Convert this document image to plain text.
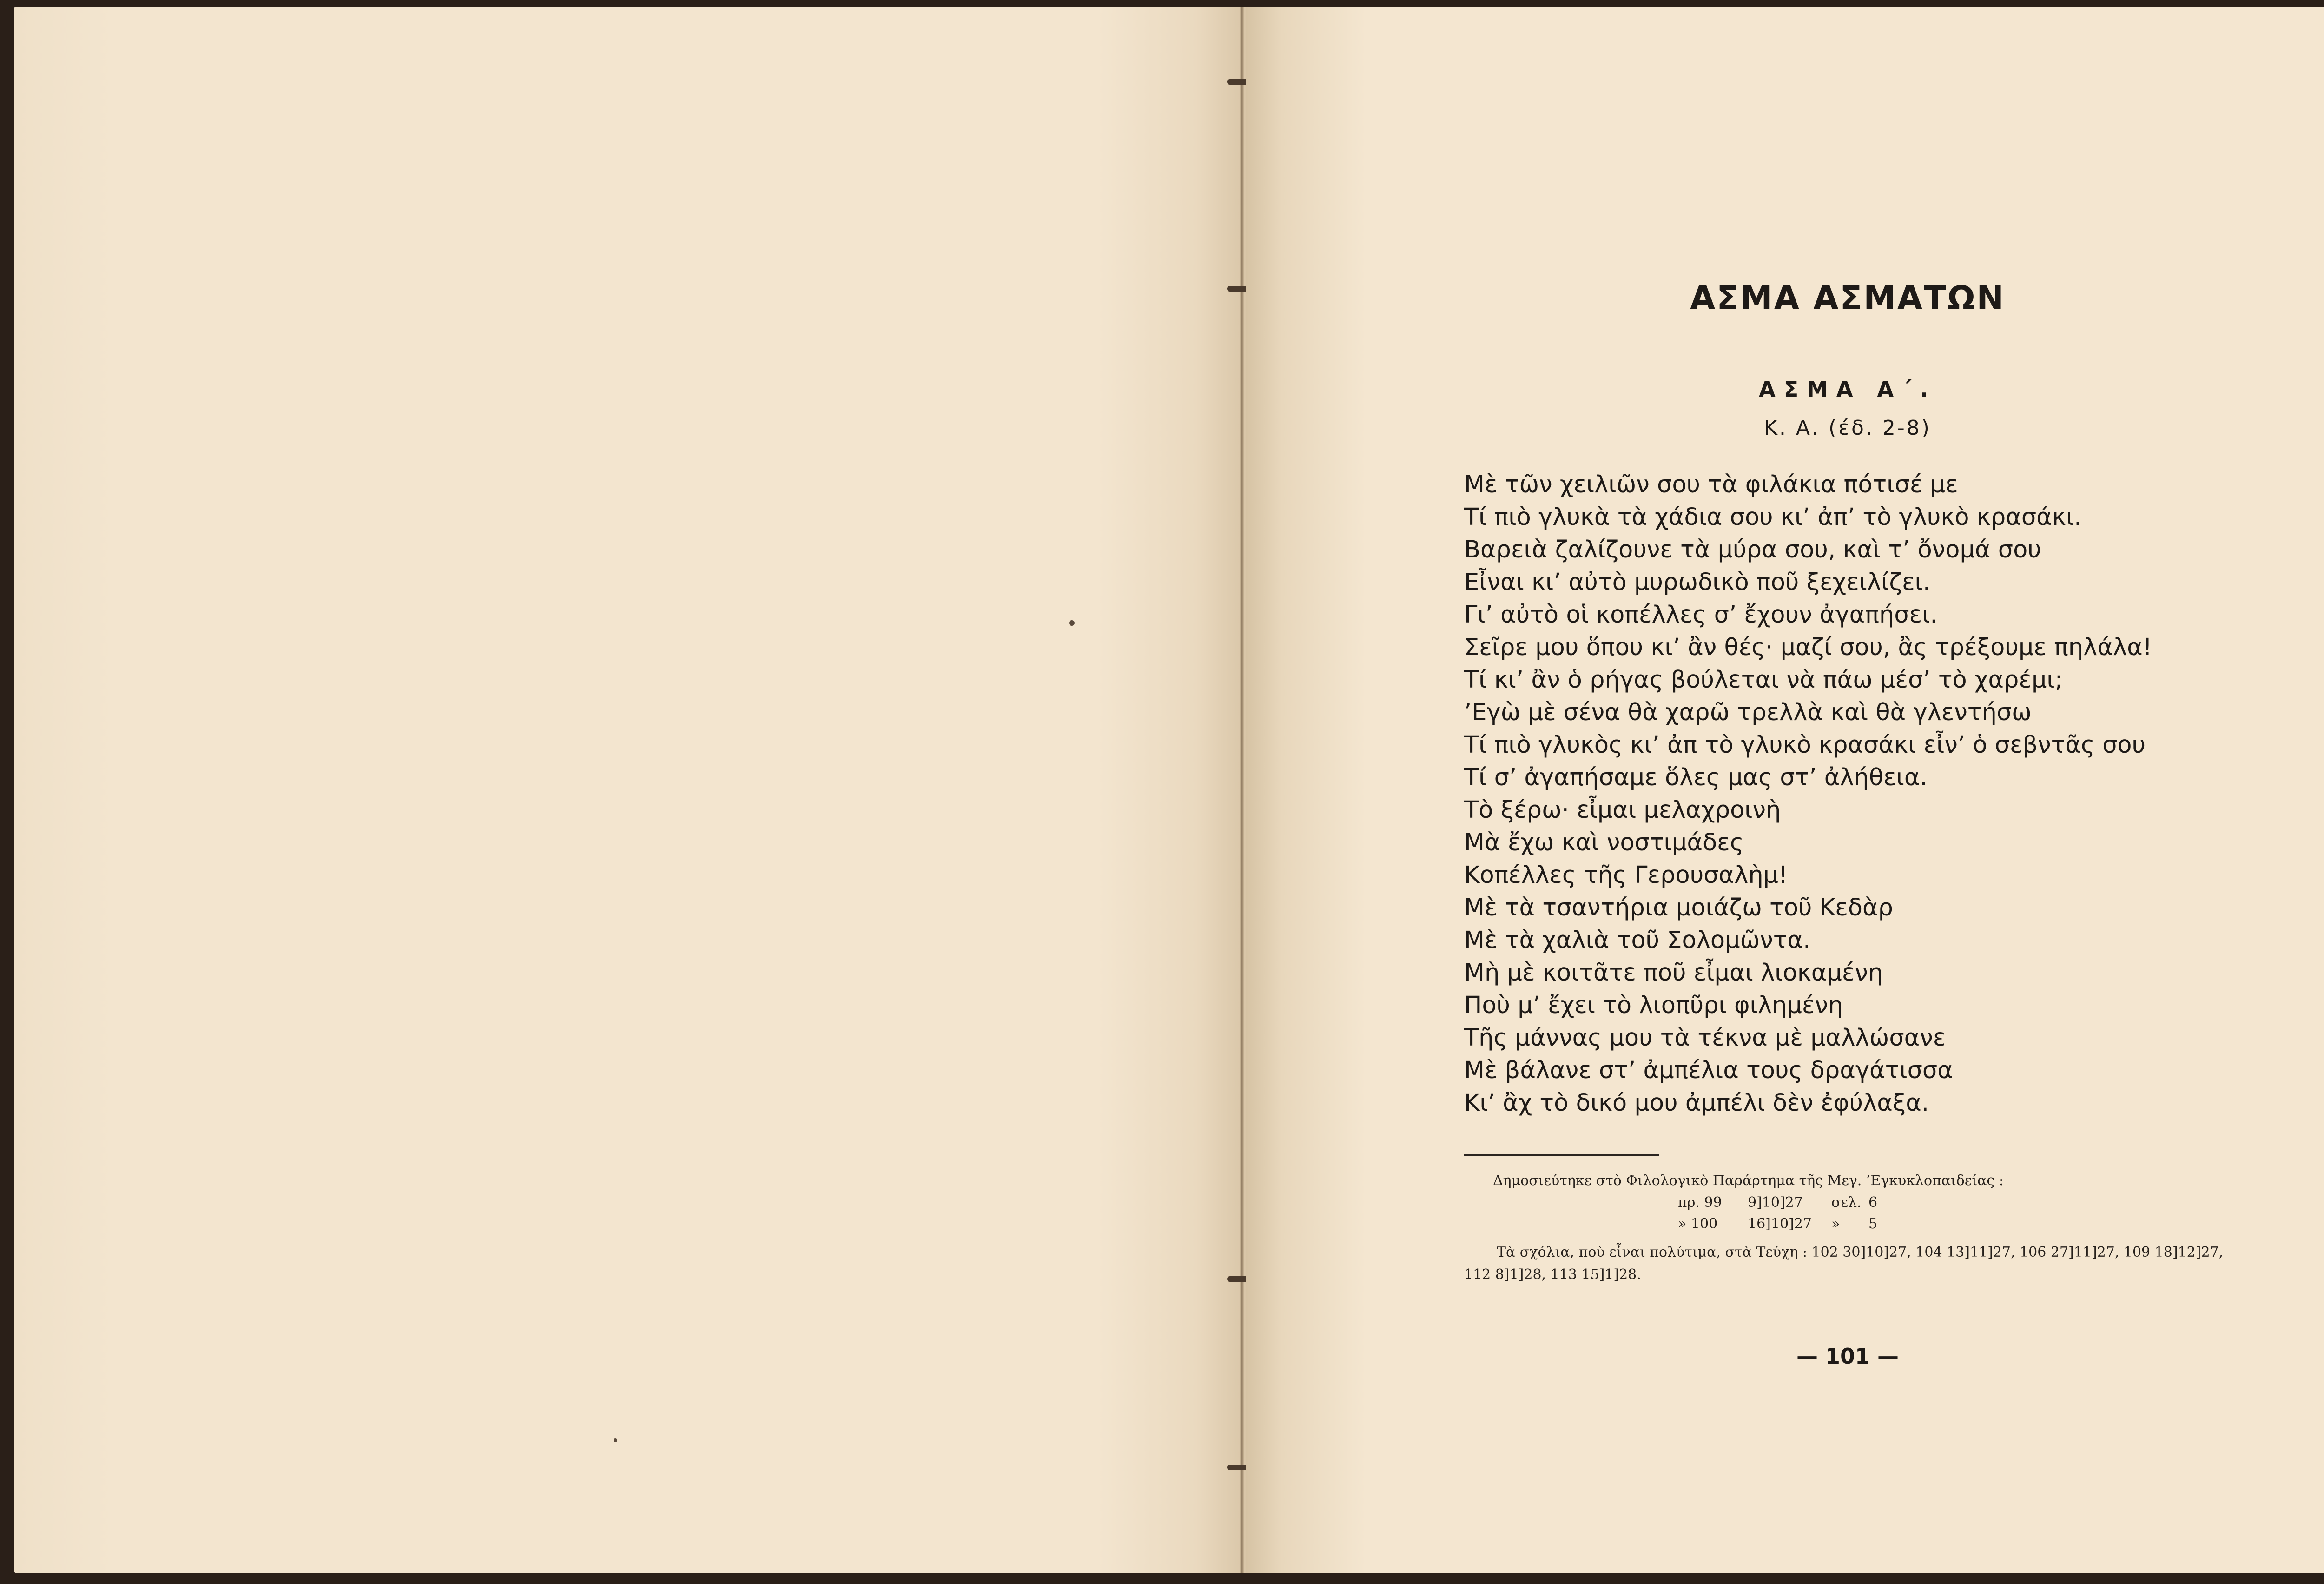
ΑΣΜΑ ΑΣΜΑΤΩΝ
ΑΣΜΑ Α΄.
Κ. Α. (έδ. 2-8)
Μὲ τῶν χειλιῶν σου τὰ φιλάκια πότισέ με
Τί πιὸ γλυκὰ τὰ χάδια σου κι’ ἀπ’ τὸ γλυκὸ κρασάκι.
Βαρειὰ ζαλίζουνε τὰ μύρα σου, καὶ τ’ ὄνομά σου
Εἶναι κι’ αὐτὸ μυρωδικὸ ποῦ ξεχειλίζει.
Γι’ αὐτὸ οἱ κοπέλλες σ’ ἔχουν ἀγαπήσει.
Σεῖρε μου ὅπου κι’ ἂν θές· μαζί σου, ἂς τρέξουμε πηλάλα!
Τί κι’ ἂν ὁ ρήγας βούλεται νὰ πάω μέσ’ τὸ χαρέμι;
’Εγὼ μὲ σένα θὰ χαρῶ τρελλὰ καὶ θὰ γλεντήσω
Τί πιὸ γλυκὸς κι’ ἀπ τὸ γλυκὸ κρασάκι εἶν’ ὁ σεβντᾶς σου
Τί σ’ ἀγαπήσαμε ὅλες μας στ’ ἀλήθεια.
Τὸ ξέρω· εἶμαι μελαχροινὴ
Μὰ ἔχω καὶ νοστιμάδες
Κοπέλλες τῆς Γερουσαλὴμ!
Μὲ τὰ τσαντήρια μοιάζω τοῦ Κεδὰρ
Μὲ τὰ χαλιὰ τοῦ Σολομῶντα.
Μὴ μὲ κοιτᾶτε ποῦ εἶμαι λιοκαμένη
Ποὺ μ’ ἔχει τὸ λιοπῦρι φιλημένη
Τῆς μάννας μου τὰ τέκνα μὲ μαλλώσανε
Μὲ βάλανε στ’ ἀμπέλια τους δραγάτισσα
Κι’ ἂχ τὸ δικό μου ἀμπέλι δὲν ἐφύλαξα.
Δημοσιεύτηκε στὸ Φιλολογικὸ Παράρτημα τῆς Μεγ. ’Εγκυκλοπαιδείας :
πρ. 99	9]10]27	σελ. 6
» 100	16]10]27	»	5
Τὰ σχόλια, ποὺ εἶναι πολύτιμα, στὰ Τεύχη : 102 30]10]27, 104 13]11]27, 106 27]11]27, 109 18]12]27, 112 8]1]28, 113 15]1]28.
— 101 —
